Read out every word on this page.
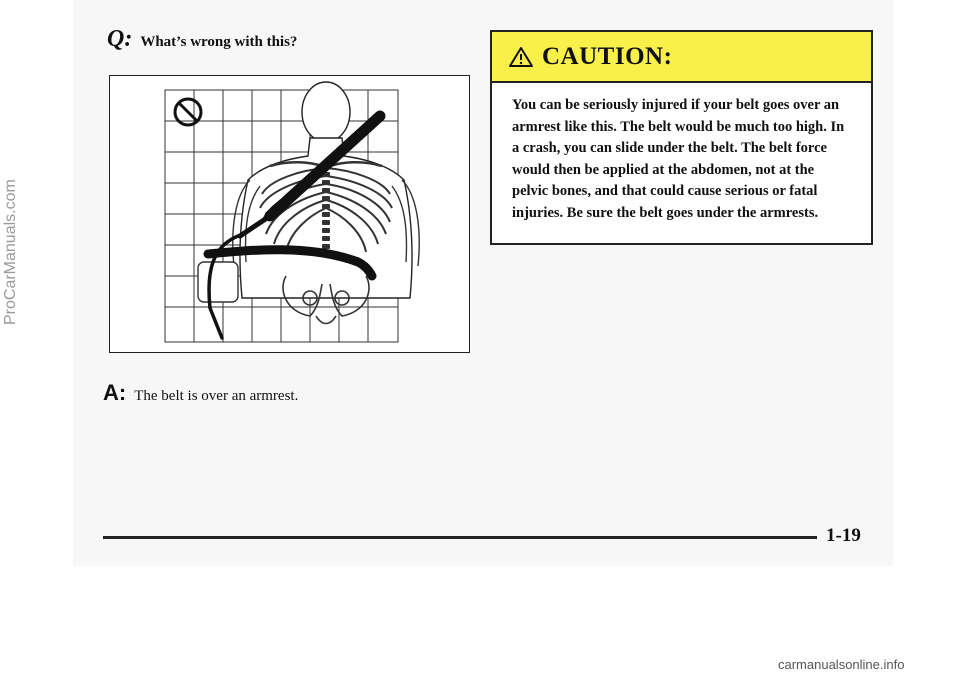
Q: What’s wrong with this?
A: The belt is over an armrest.
CAUTION:
You can be seriously injured if your belt goes over an armrest like this. The belt would be much too high. In a crash, you can slide under the belt. The belt force would then be applied at the abdomen, not at the pelvic bones, and that could cause serious or fatal injuries. Be sure the belt goes under the armrests.
1-19
ProCarManuals.com
carmanualsonline.info
